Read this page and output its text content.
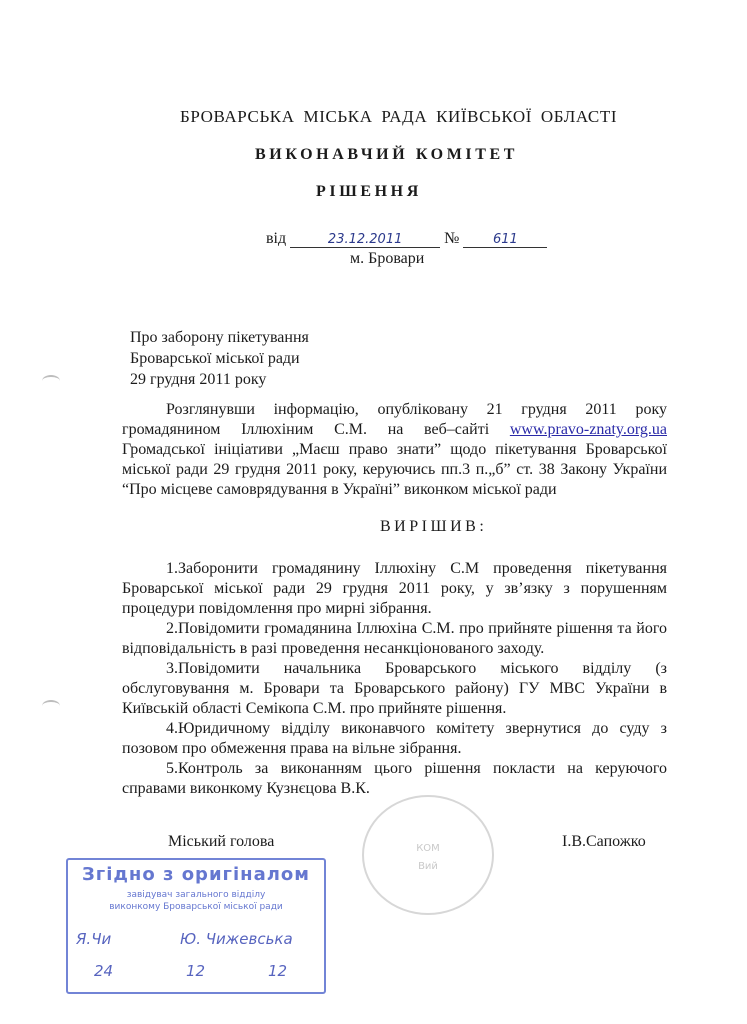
БРОВАРСЬКА МІСЬКА РАДА КИЇВСЬКОЇ ОБЛАСТІ
ВИКОНАВЧИЙ КОМІТЕТ
РІШЕННЯ
від	23.12.2011	№	611
м. Бровари
Про заборону пікетування
Броварської міської ради
29 грудня 2011 року
Розглянувши інформацію, опубліковану 21 грудня 2011 року громадянином Іллюхіним С.М. на веб–сайті www.pravo-znaty.org.ua Громадської ініціативи „Маєш право знати” щодо пікетування Броварської міської ради 29 грудня 2011 року, керуючись пп.3 п.„б” ст. 38 Закону України “Про місцеве самоврядування в Україні” виконком міської ради
ВИРІШИВ:
1.Заборонити громадянину Іллюхіну С.М проведення пікетування Броварської міської ради 29 грудня 2011 року, у зв’язку з порушенням процедури повідомлення про мирні зібрання.
2.Повідомити громадянина Іллюхіна С.М. про прийняте рішення та його відповідальність в разі проведення несанкціонованого заходу.
3.Повідомити начальника Броварського міського відділу (з обслуговування м. Бровари та Броварського району) ГУ МВС України в Київській області Семікопа С.М. про прийняте рішення.
4.Юридичному відділу виконавчого комітету звернутися до суду з позовом про обмеження права на вільне зібрання.
5.Контроль за виконанням цього рішення покласти на керуючого справами виконкому Кузнєцова В.К.
Міський голова	І.В.Сапожко
КОМ
Вий
Згідно з оригіналом
завідувач загального відділу
виконкому Броварської міської ради
Я.Чи	Ю. Чижевська
24	12	12
